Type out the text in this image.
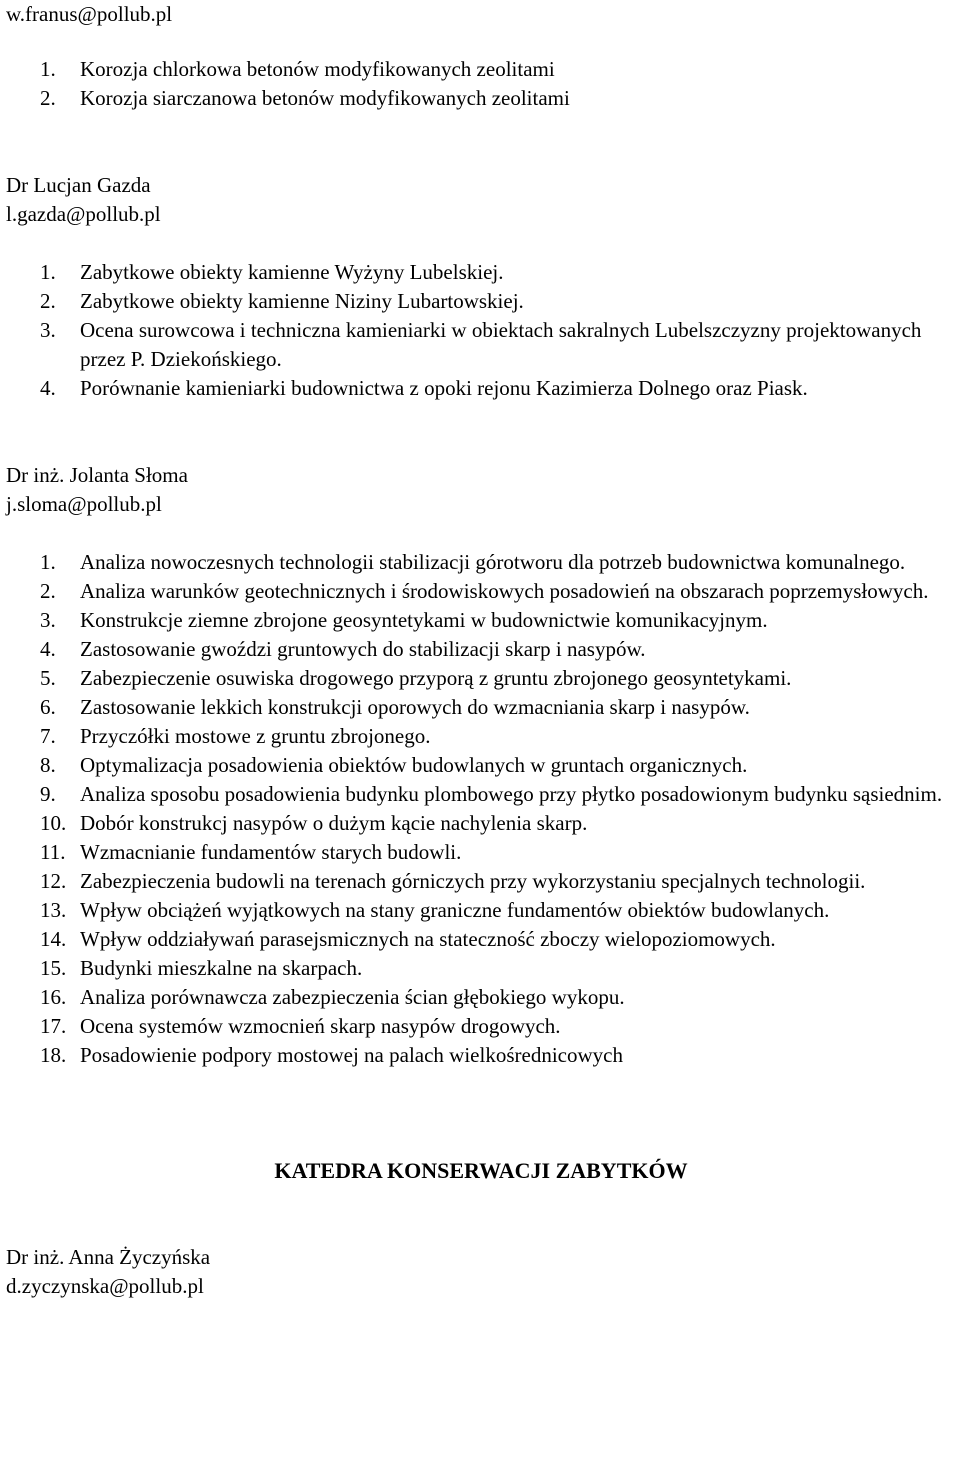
w.franus@pollub.pl
1.	Korozja chlorkowa betonów modyfikowanych zeolitami
2.	Korozja siarczanowa betonów modyfikowanych zeolitami
Dr Lucjan Gazda
l.gazda@pollub.pl
1.	Zabytkowe obiekty kamienne Wyżyny Lubelskiej.
2.	Zabytkowe obiekty kamienne Niziny Lubartowskiej.
3.	Ocena surowcowa i techniczna kamieniarki w obiektach sakralnych Lubelszczyzny projektowanych przez P. Dziekońskiego.
4.	Porównanie kamieniarki budownictwa z opoki rejonu Kazimierza Dolnego oraz Piask.
Dr inż. Jolanta Słoma
j.sloma@pollub.pl
1.	Analiza nowoczesnych technologii stabilizacji górotworu dla potrzeb budownictwa komunalnego.
2.	Analiza warunków geotechnicznych i środowiskowych posadowień na obszarach poprzemysłowych.
3.	Konstrukcje ziemne zbrojone geosyntetykami w budownictwie komunikacyjnym.
4.	Zastosowanie gwoździ gruntowych do stabilizacji skarp i nasypów.
5.	Zabezpieczenie osuwiska drogowego przyporą z gruntu zbrojonego geosyntetykami.
6.	Zastosowanie lekkich konstrukcji oporowych do wzmacniania skarp i nasypów.
7.	Przyczółki mostowe z gruntu zbrojonego.
8.	Optymalizacja posadowienia obiektów budowlanych w gruntach organicznych.
9.	Analiza sposobu posadowienia budynku plombowego przy płytko posadowionym budynku sąsiednim.
10. Dobór konstrukcj nasypów o dużym kącie nachylenia skarp.
11. Wzmacnianie fundamentów starych budowli.
12. Zabezpieczenia budowli na terenach górniczych przy wykorzystaniu specjalnych technologii.
13. Wpływ obciążeń wyjątkowych na stany graniczne fundamentów obiektów budowlanych.
14. Wpływ oddziaływań parasejsmicznych na stateczność zboczy wielopoziomowych.
15. Budynki mieszkalne na skarpach.
16. Analiza porównawcza zabezpieczenia ścian głębokiego wykopu.
17. Ocena systemów wzmocnień skarp nasypów drogowych.
18. Posadowienie podpory mostowej na palach wielkośrednicowych
KATEDRA KONSERWACJI ZABYTKÓW
Dr inż. Anna Życzyńska
d.zyczynska@pollub.pl
